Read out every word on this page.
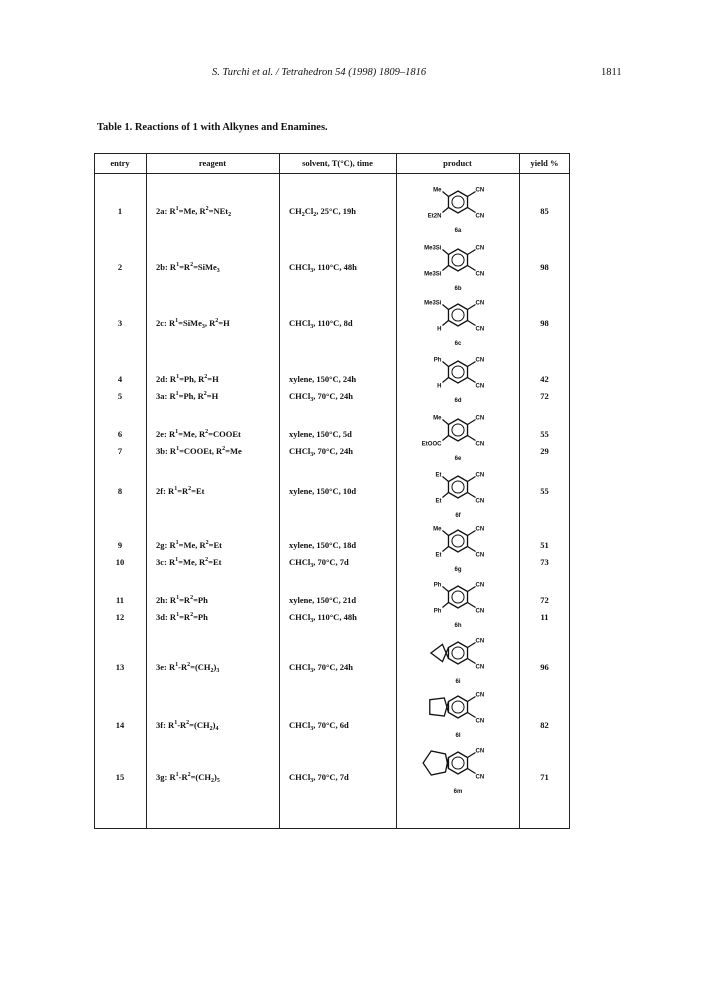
S. Turchi et al. / Tetrahedron 54 (1998) 1809–1816	1811
Table 1. Reactions of 1 with Alkynes and Enamines.
entry	reagent	solvent, T(°C), time	product	yield %
1	2a: $R^1=Me$, $R^2=NEt_2$	$CH_2Cl_2$, 25°C, 19h	85
2	2b: $R^1=R^2=SiMe_3$	CHCl$_3$, 110°C, 48h	98
3	2c: $R^1=SiMe_3$, $R^2=H$	CHCl$_3$, 110°C, 8d	98
4	2d: $R^1=Ph$, $R^2=H$	xylene, 150°C, 24h	42
5	3a: $R^1=Ph$, $R^2=H$	CHCl$_3$, 70°C, 24h	72
6	2e: $R^1=Me$, $R^2=COOEt$	xylene, 150°C, 5d	55
7	3b: $R^1=COOEt$, $R^2=Me$	CHCl$_3$, 70°C, 24h	29
8	2f: $R^1=R^2=Et$	xylene, 150°C, 10d	55
9	2g: $R^1=Me$, $R^2=Et$	xylene, 150°C, 18d	51
10	3c: $R^1=Me$, $R^2=Et$	CHCl$_3$, 70°C, 7d	73
11	2h: $R^1=R^2=Ph$	xylene, 150°C, 21d	72
12	3d: $R^1=R^2=Ph$	CHCl$_3$, 110°C, 48h	11
13	3e: $R^1-R^2=(CH_2)_3$	CHCl$_3$, 70°C, 24h	96
14	3f: $R^1-R^2=(CH_2)_4$	CHCl$_3$, 70°C, 6d	82
15	3g: $R^1-R^2=(CH_2)_5$	CHCl$_3$, 70°C, 7d	71
CN
CN
Me
Et2N
6a
CN
CN
Me3Si
Me3Si
6b
CN
CN
Me3Si
H
6c
CN
CN
Ph
H
6d
CN
CN
Me
EtOOC
6e
CN
CN
Et
Et
6f
CN
CN
Me
Et
6g
CN
CN
Ph
Ph
6h
CN
CN
6i
CN
CN
6l
CN
CN
6m
